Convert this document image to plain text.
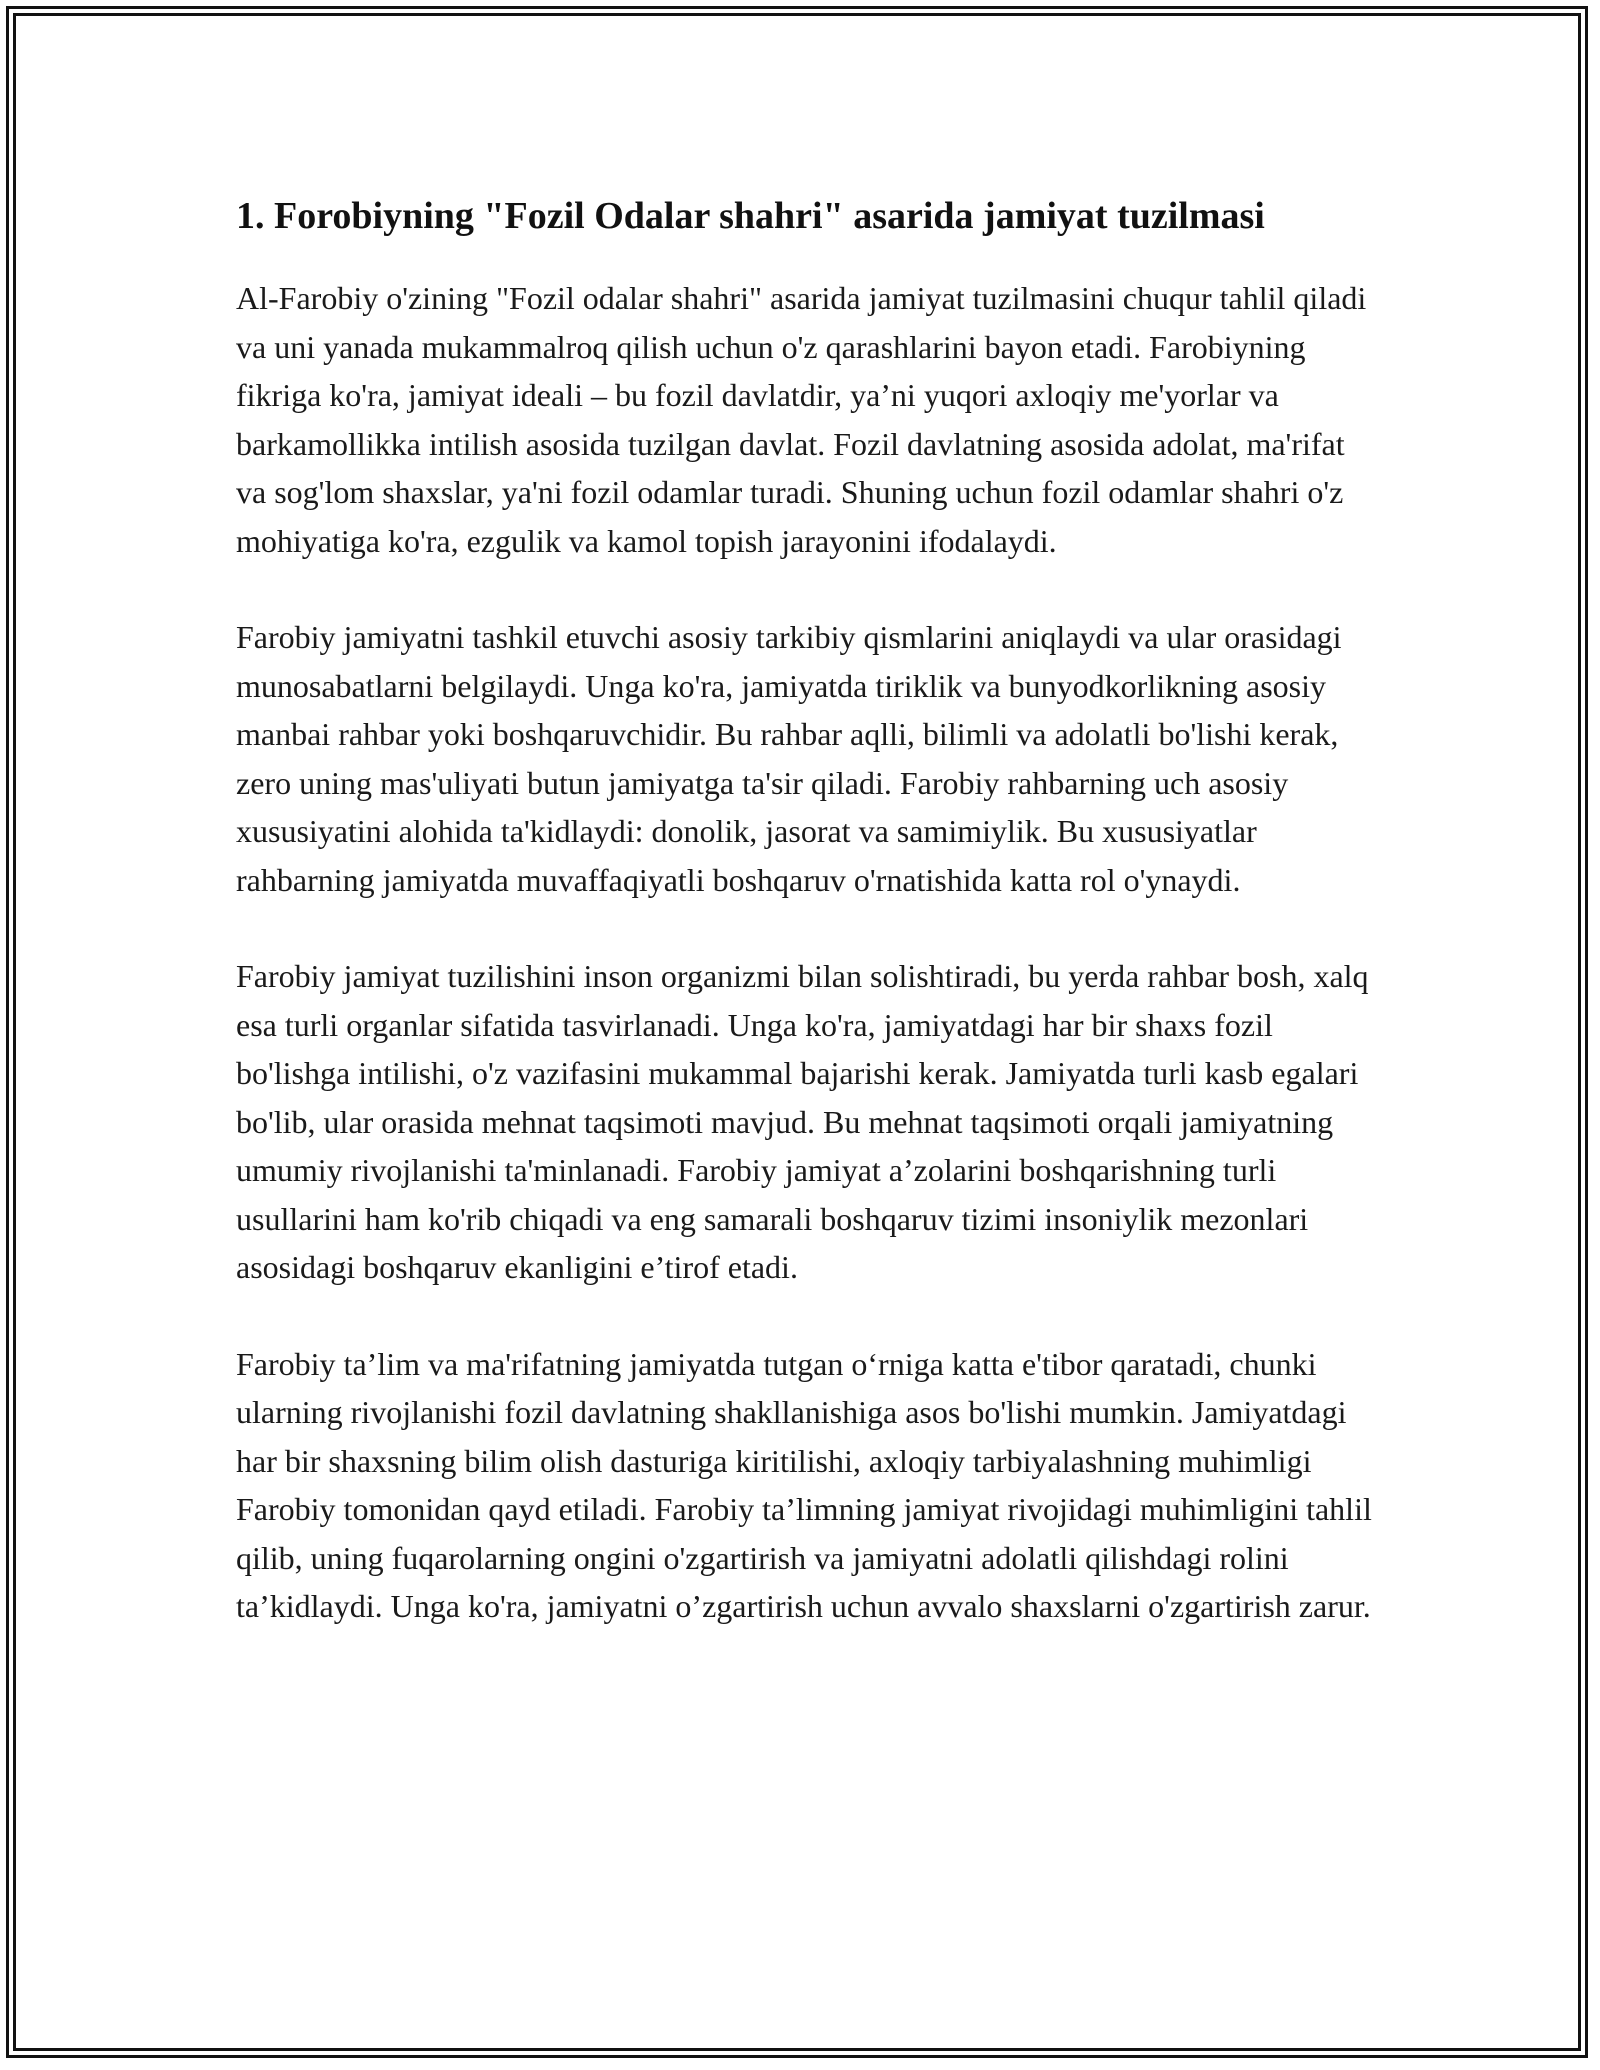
1. Forobiyning "Fozil Odalar shahri" asarida jamiyat tuzilmasi

Al-Farobiy o'zining "Fozil odalar shahri" asarida jamiyat tuzilmasini chuqur tahlil qiladi va uni yanada mukammalroq qilish uchun o'z qarashlarini bayon etadi. Farobiyning fikriga ko'ra, jamiyat ideali – bu fozil davlatdir, ya’ni yuqori axloqiy me'yorlar va barkamollikka intilish asosida tuzilgan davlat. Fozil davlatning asosida adolat, ma'rifat va sog'lom shaxslar, ya'ni fozil odamlar turadi. Shuning uchun fozil odamlar shahri o'z mohiyatiga ko'ra, ezgulik va kamol topish jarayonini ifodalaydi.

Farobiy jamiyatni tashkil etuvchi asosiy tarkibiy qismlarini aniqlaydi va ular orasidagi munosabatlarni belgilaydi. Unga ko'ra, jamiyatda tiriklik va bunyodkorlikning asosiy manbai rahbar yoki boshqaruvchidir. Bu rahbar aqlli, bilimli va adolatli bo'lishi kerak, zero uning mas'uliyati butun jamiyatga ta'sir qiladi. Farobiy rahbarning uch asosiy xususiyatini alohida ta'kidlaydi: donolik, jasorat va samimiylik. Bu xususiyatlar rahbarning jamiyatda muvaffaqiyatli boshqaruv o'rnatishida katta rol o'ynaydi.

Farobiy jamiyat tuzilishini inson organizmi bilan solishtiradi, bu yerda rahbar bosh, xalq esa turli organlar sifatida tasvirlanadi. Unga ko'ra, jamiyatdagi har bir shaxs fozil bo'lishga intilishi, o'z vazifasini mukammal bajarishi kerak. Jamiyatda turli kasb egalari bo'lib, ular orasida mehnat taqsimoti mavjud. Bu mehnat taqsimoti orqali jamiyatning umumiy rivojlanishi ta'minlanadi. Farobiy jamiyat a’zolarini boshqarishning turli usullarini ham ko'rib chiqadi va eng samarali boshqaruv tizimi insoniylik mezonlari asosidagi boshqaruv ekanligini e’tirof etadi.

Farobiy ta’lim va ma'rifatning jamiyatda tutgan o‘rniga katta e'tibor qaratadi, chunki ularning rivojlanishi fozil davlatning shakllanishiga asos bo'lishi mumkin. Jamiyatdagi har bir shaxsning bilim olish dasturiga kiritilishi, axloqiy tarbiyalashning muhimligi Farobiy tomonidan qayd etiladi. Farobiy ta’limning jamiyat rivojidagi muhimligini tahlil qilib, uning fuqarolarning ongini o'zgartirish va jamiyatni adolatli qilishdagi rolini ta’kidlaydi. Unga ko'ra, jamiyatni o’zgartirish uchun avvalo shaxslarni o'zgartirish zarur.
